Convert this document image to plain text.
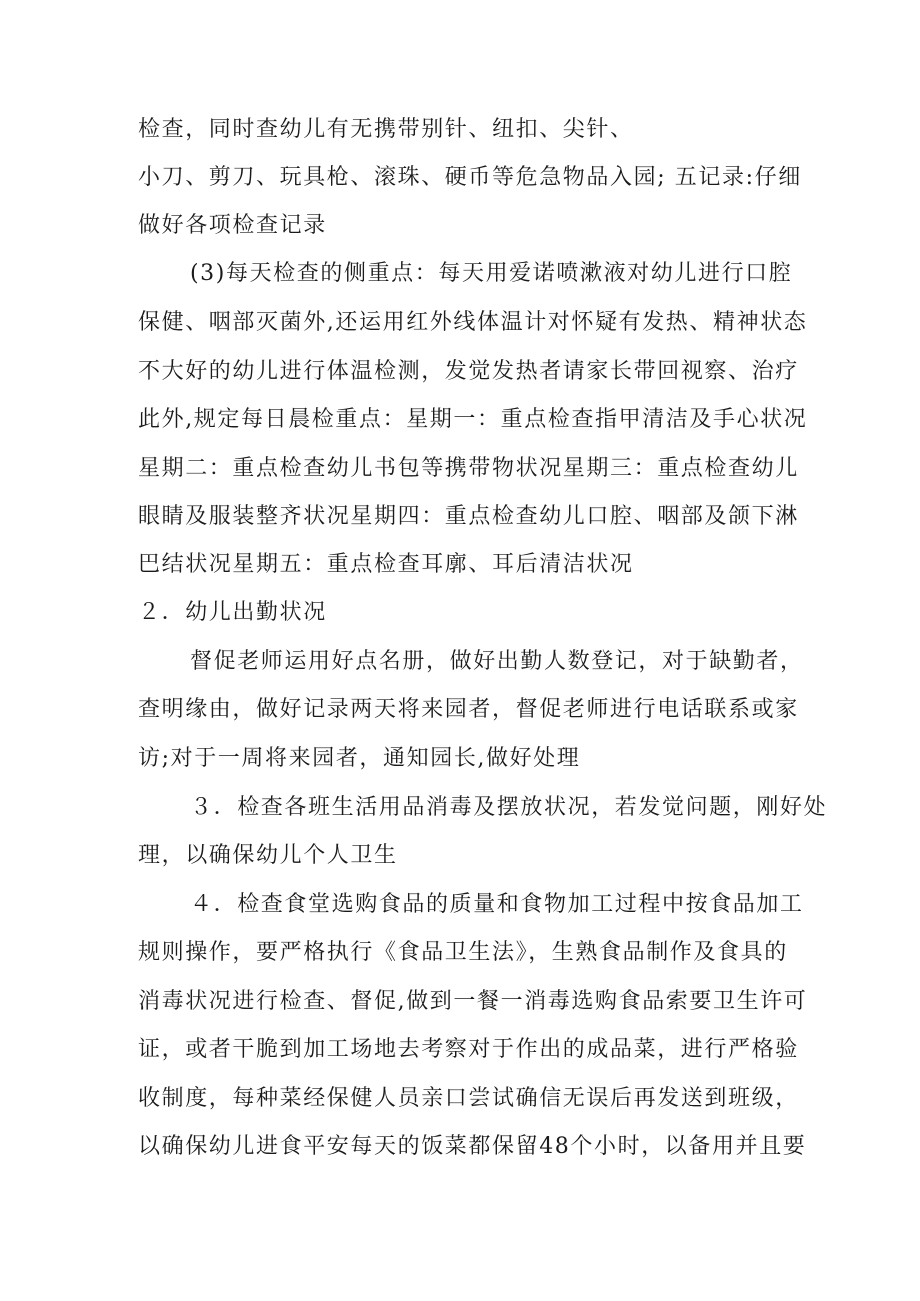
检查，同时查幼儿有无携带别针、纽扣、尖针、
小刀、剪刀、玩具枪、滚珠、硬币等危急物品入园; 五记录:仔细
做好各项检查记录
(3)每天检查的侧重点：每天用爱诺喷漱液对幼儿进行口腔
保健、咽部灭菌外,还运用红外线体温计对怀疑有发热、精神状态
不大好的幼儿进行体温检测，发觉发热者请家长带回视察、治疗
此外,规定每日晨检重点：星期一：重点检查指甲清洁及手心状况
星期二：重点检查幼儿书包等携带物状况星期三：重点检查幼儿
眼睛及服装整齐状况星期四：重点检查幼儿口腔、咽部及颌下淋
巴结状况星期五：重点检查耳廓、耳后清洁状况
２．幼儿出勤状况
督促老师运用好点名册，做好出勤人数登记，对于缺勤者，
查明缘由，做好记录两天将来园者，督促老师进行电话联系或家
访;对于一周将来园者，通知园长,做好处理
３．检查各班生活用品消毒及摆放状况，若发觉问题，刚好处
理，以确保幼儿个人卫生
４．检查食堂选购食品的质量和食物加工过程中按食品加工
规则操作，要严格执行《食品卫生法》，生熟食品制作及食具的
消毒状况进行检查、督促,做到一餐一消毒选购食品索要卫生许可
证，或者干脆到加工场地去考察对于作出的成品菜，进行严格验
收制度，每种菜经保健人员亲口尝试确信无误后再发送到班级，
以确保幼儿进食平安每天的饭菜都保留48个小时，以备用并且要
